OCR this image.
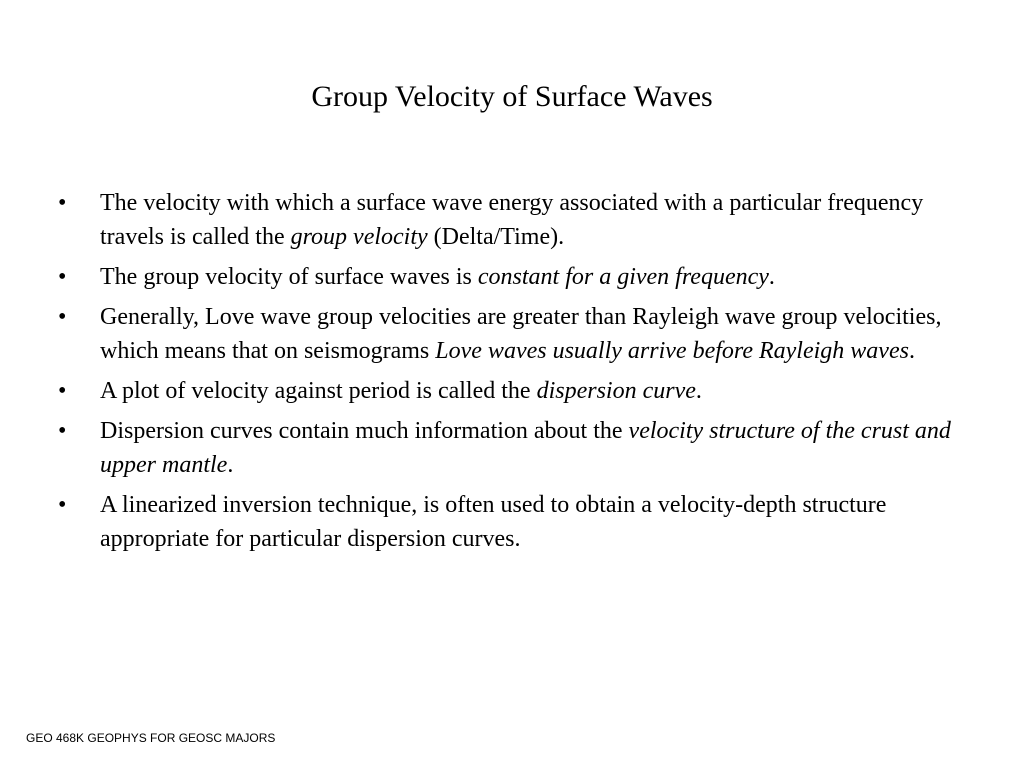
Group Velocity of Surface Waves
•	The velocity with which a surface wave energy associated with a particular frequency travels is called the group velocity (Delta/Time).
•	The group velocity of surface waves is constant for a given frequency.
•	Generally, Love wave group velocities are greater than Rayleigh wave group velocities, which means that on seismograms Love waves usually arrive before Rayleigh waves.
•	A plot of velocity against period is called the dispersion curve.
•	Dispersion curves contain much information about the velocity structure of the crust and upper mantle.
•	A linearized inversion technique, is often used to obtain a velocity-depth structure appropriate for particular dispersion curves.
GEO 468K GEOPHYS FOR GEOSC MAJORS
